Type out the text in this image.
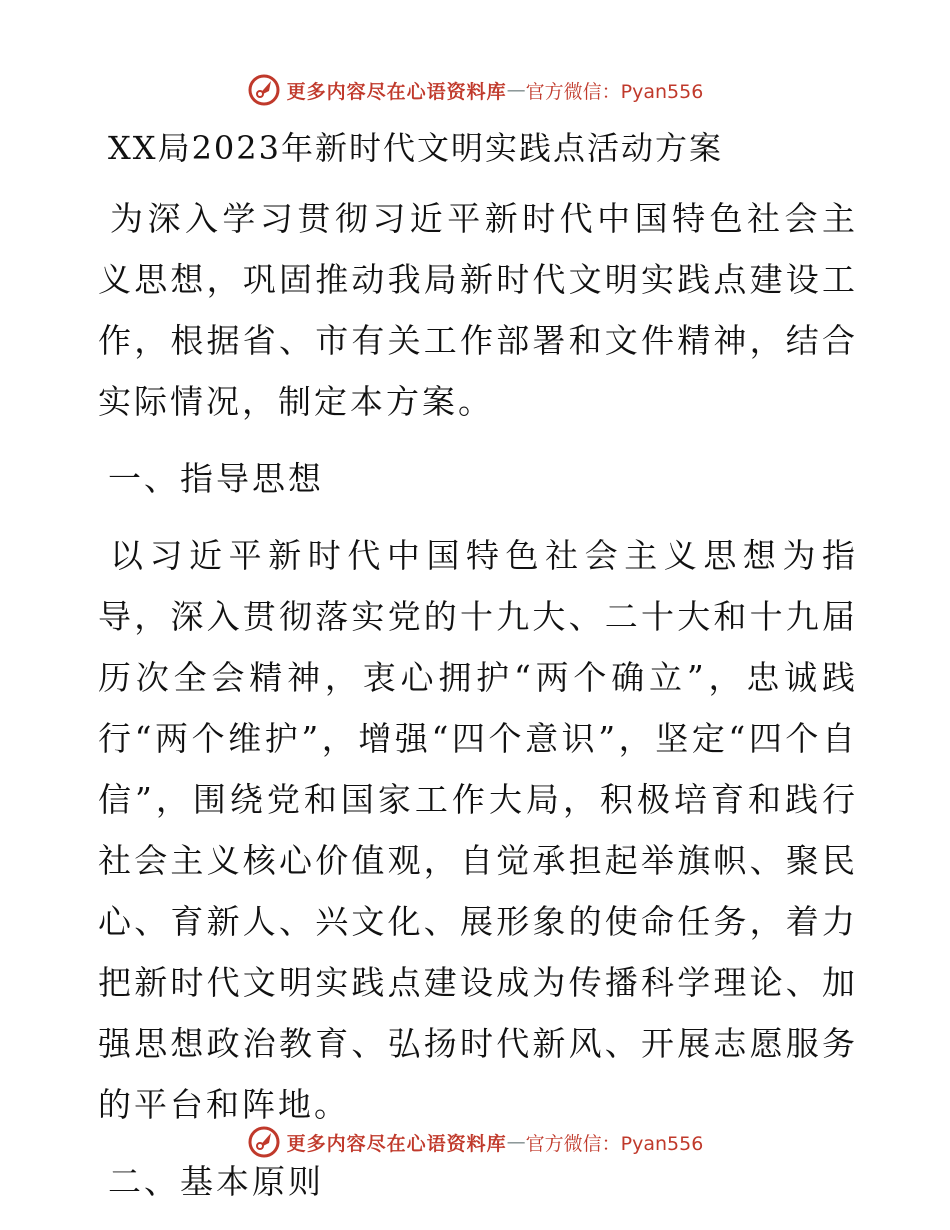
更多内容尽在心语资料库 — 官方微信：Pyan556
XX局2023年新时代文明实践点活动方案

为深入学习贯彻习近平新时代中国特色社会主义思想，巩固推动我局新时代文明实践点建设工作，根据省、市有关工作部署和文件精神，结合实际情况，制定本方案。

一、指导思想

以习近平新时代中国特色社会主义思想为指导，深入贯彻落实党的十九大、二十大和十九届历次全会精神，衷心拥护“两个确立”，忠诚践行“两个维护”，增强“四个意识”，坚定“四个自信”，围绕党和国家工作大局，积极培育和践行社会主义核心价值观，自觉承担起举旗帜、聚民心、育新人、兴文化、展形象的使命任务，着力把新时代文明实践点建设成为传播科学理论、加强思想政治教育、弘扬时代新风、开展志愿服务的平台和阵地。

二、基本原则
更多内容尽在心语资料库 — 官方微信：Pyan556
